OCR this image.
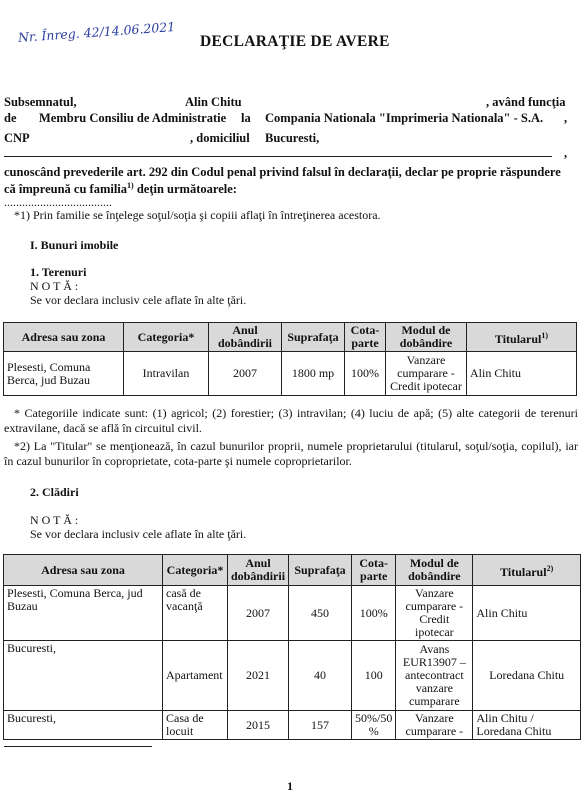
Nr. Înreg. 42/14.06.2021 DECLARAŢIE DE AVERE
Subsemnatul,	Alin Chitu	, având funcţia
de Membru Consiliu de Administratie la Compania Nationala "Imprimeria Nationala" - S.A. ,
CNP	, domiciliul Bucuresti,
,
cunoscând prevederile art. 292 din Codul penal privind falsul în declaraţii, declar pe proprie răspundere
că împreună cu familia$^{1)}$ deţin următoarele:
....................................
*1) Prin familie se înţelege soţul/soţia şi copiii aflaţi în întreţinerea acestora.
I. Bunuri imobile
1. Terenuri
N O T Ă :
Se vor declara inclusiv cele aflate în alte ţări.
Adresa sau zona	Categoria*	Anul dobândirii	Suprafaţa	Cota-parte	Modul de dobândire	Titularul$^{1)}$
Plesesti, Comuna Berca, jud Buzau	Intravilan	2007	1800 mp	100%	Vanzare cumparare - Credit ipotecar	Alin Chitu
* Categoriile indicate sunt: (1) agricol; (2) forestier; (3) intravilan; (4) luciu de apă; (5) alte categorii de terenuri extravilane, dacă se află în circuitul civil.
*2) La "Titular" se menţionează, în cazul bunurilor proprii, numele proprietarului (titularul, soţul/soţia, copilul), iar în cazul bunurilor în coproprietate, cota-parte şi numele coproprietarilor.
2. Clădiri
N O T Ă :
Se vor declara inclusiv cele aflate în alte ţări.
Adresa sau zona	Categoria*	Anul dobândirii	Suprafaţa	Cota-parte	Modul de dobândire	Titularul$^{2)}$
Plesesti, Comuna Berca, jud Buzau	casă de vacanţă	2007	450	100%	Vanzare cumparare - Credit ipotecar	Alin Chitu
Bucuresti,	Apartament	2021	40	100	Avans EUR13907 – antecontract vanzare cumparare	Loredana Chitu
Bucuresti,	Casa de locuit	2015	157	50%/50 %	Vanzare cumparare -	Alin Chitu / Loredana Chitu
1
